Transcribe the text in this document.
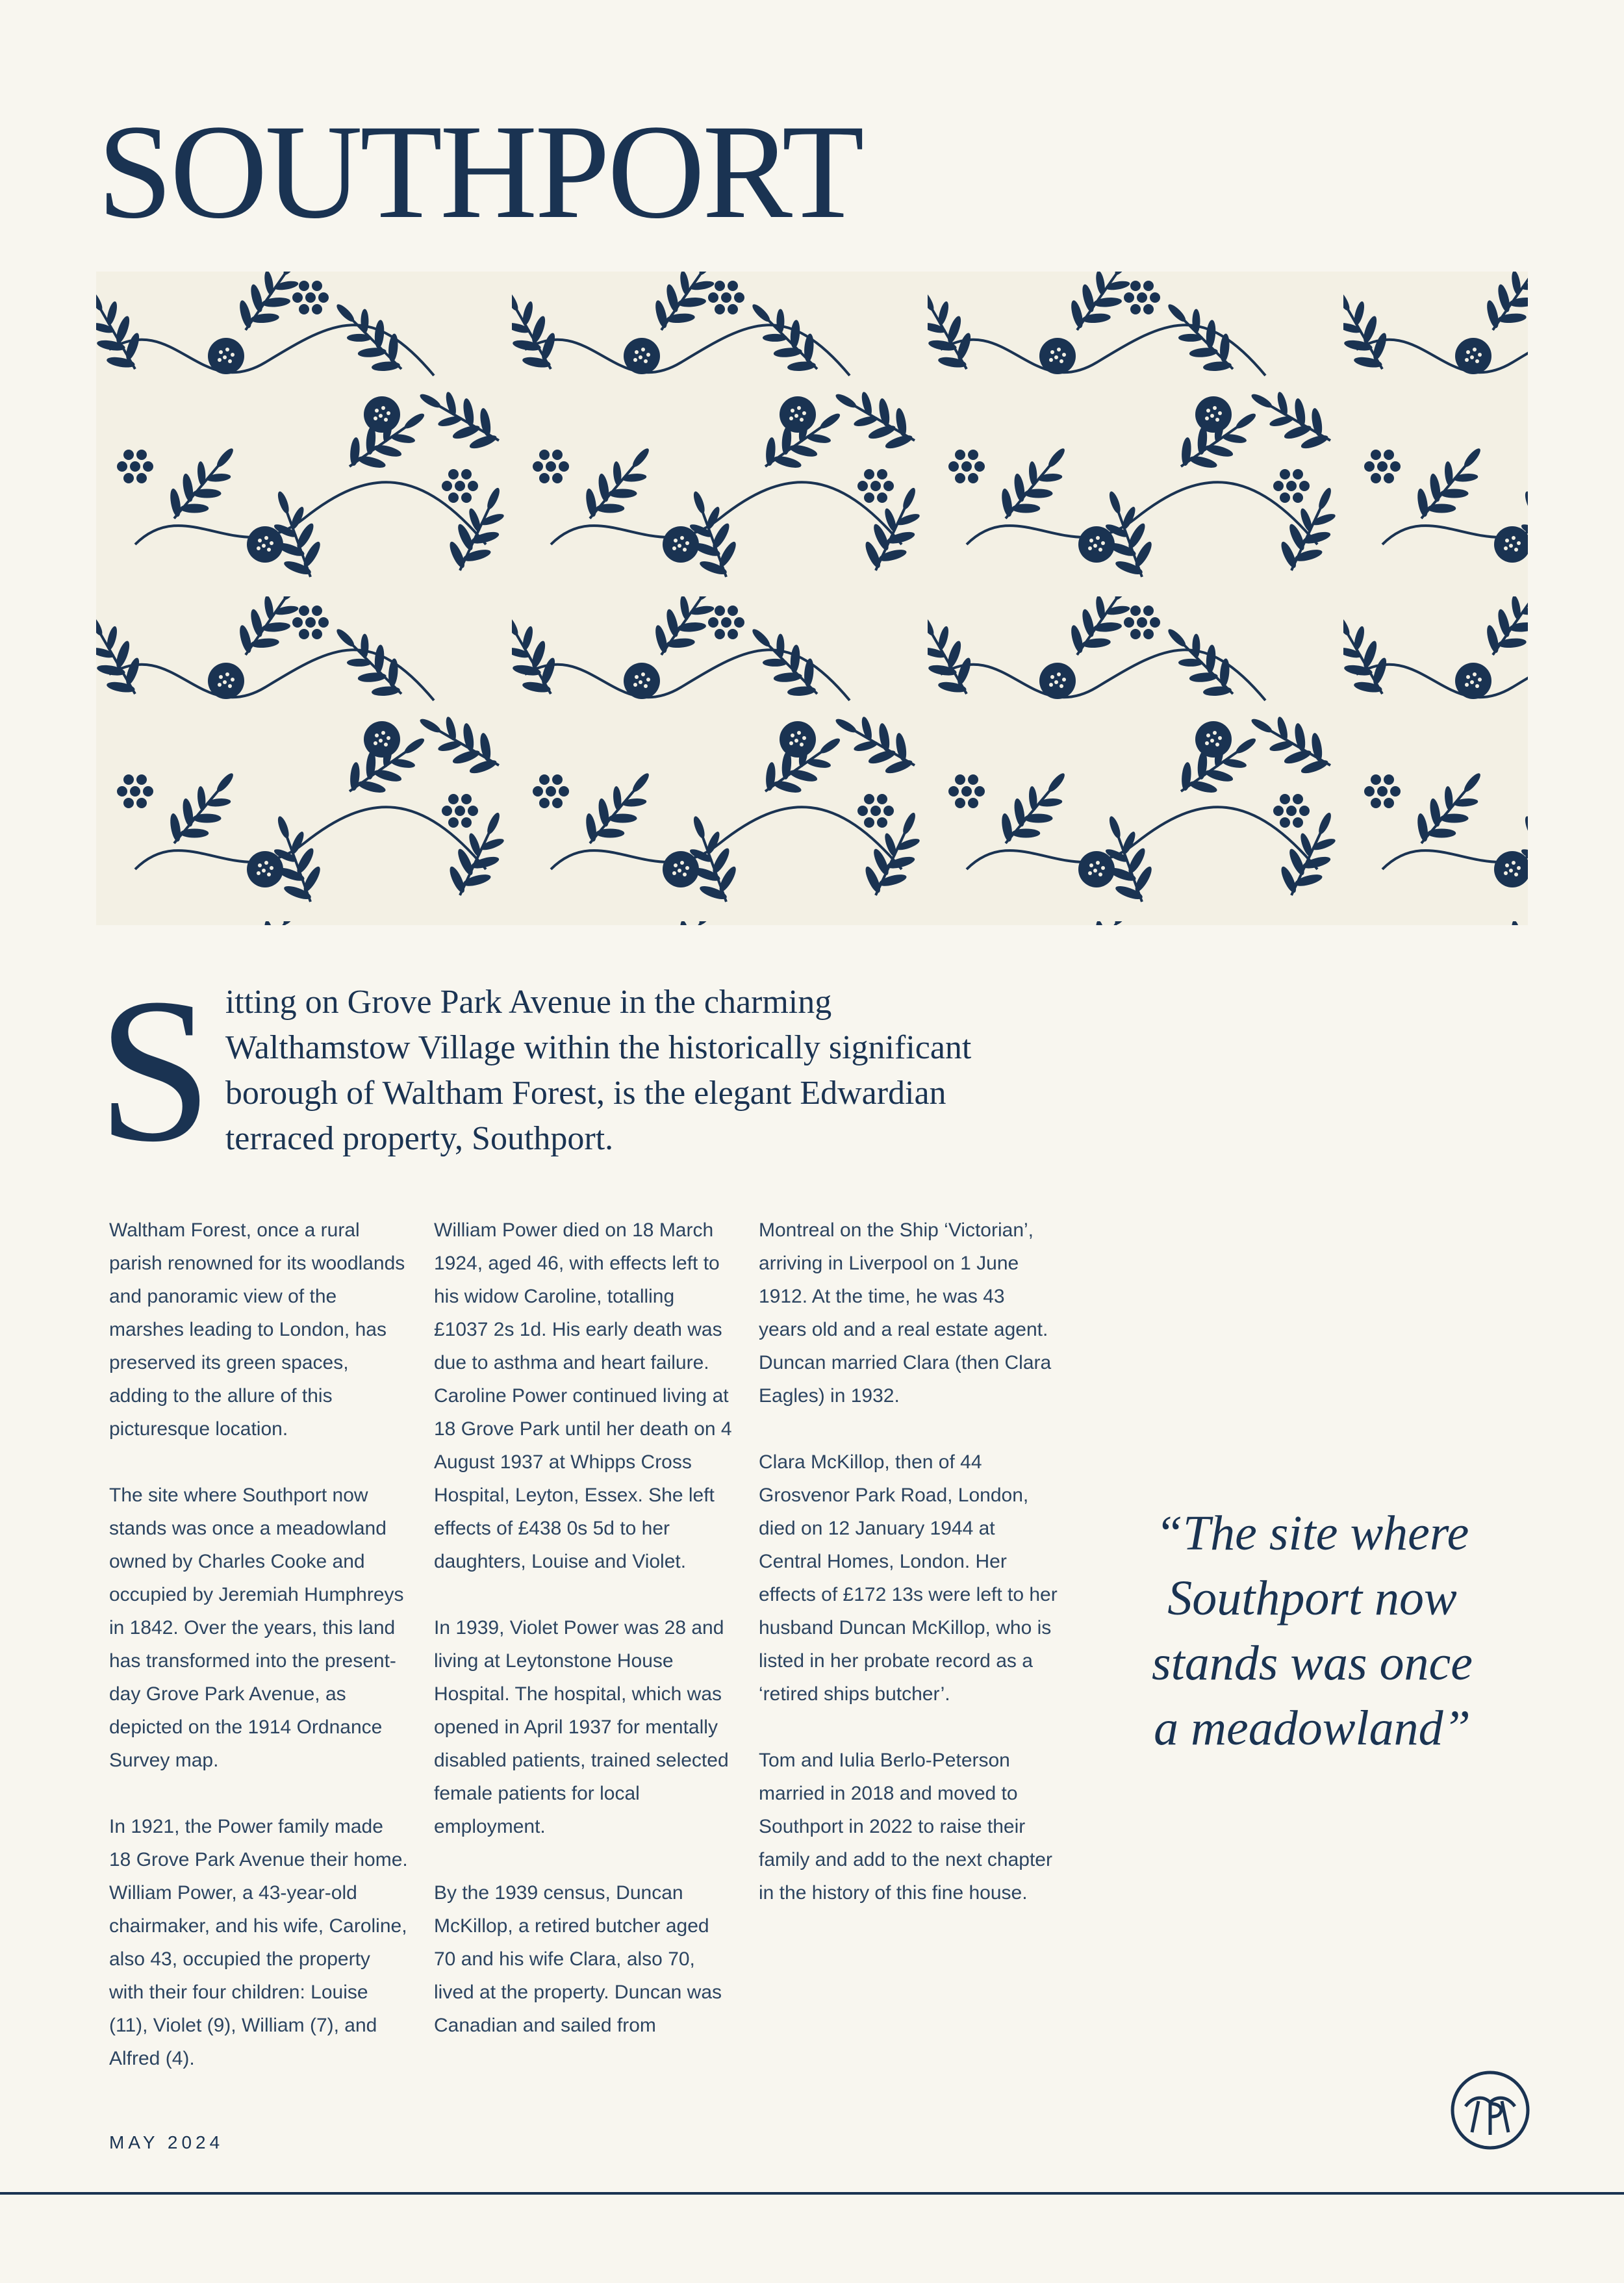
SOUTHPORT
S itting on Grove Park Avenue in the charming Walthamstow Village within the historically significant borough of Waltham Forest, is the elegant Edwardian terraced property, Southport.

Waltham Forest, once a rural parish renowned for its woodlands and panoramic view of the marshes leading to London, has preserved its green spaces, adding to the allure of this picturesque location.

The site where Southport now stands was once a meadowland owned by Charles Cooke and occupied by Jeremiah Humphreys in 1842. Over the years, this land has transformed into the present-day Grove Park Avenue, as depicted on the 1914 Ordnance Survey map.

In 1921, the Power family made 18 Grove Park Avenue their home. William Power, a 43-year-old chairmaker, and his wife, Caroline, also 43, occupied the property with their four children: Louise (11), Violet (9), William (7), and Alfred (4).

William Power died on 18 March 1924, aged 46, with effects left to his widow Caroline, totalling £1037 2s 1d. His early death was due to asthma and heart failure. Caroline Power continued living at 18 Grove Park until her death on 4 August 1937 at Whipps Cross Hospital, Leyton, Essex. She left effects of £438 0s 5d to her daughters, Louise and Violet.

In 1939, Violet Power was 28 and living at Leytonstone House Hospital. The hospital, which was opened in April 1937 for mentally disabled patients, trained selected female patients for local employment.

By the 1939 census, Duncan McKillop, a retired butcher aged 70 and his wife Clara, also 70, lived at the property. Duncan was Canadian and sailed from

Montreal on the Ship ‘Victorian’, arriving in Liverpool on 1 June 1912. At the time, he was 43 years old and a real estate agent. Duncan married Clara (then Clara Eagles) in 1932.

Clara McKillop, then of 44 Grosvenor Park Road, London, died on 12 January 1944 at Central Homes, London. Her effects of £172 13s were left to her husband Duncan McKillop, who is listed in her probate record as a ‘retired ships butcher’.

Tom and Iulia Berlo-Peterson married in 2018 and moved to Southport in 2022 to raise their family and add to the next chapter in the history of this fine house.

“The site where
Southport now
stands was once
a meadowland”
MAY 2024
